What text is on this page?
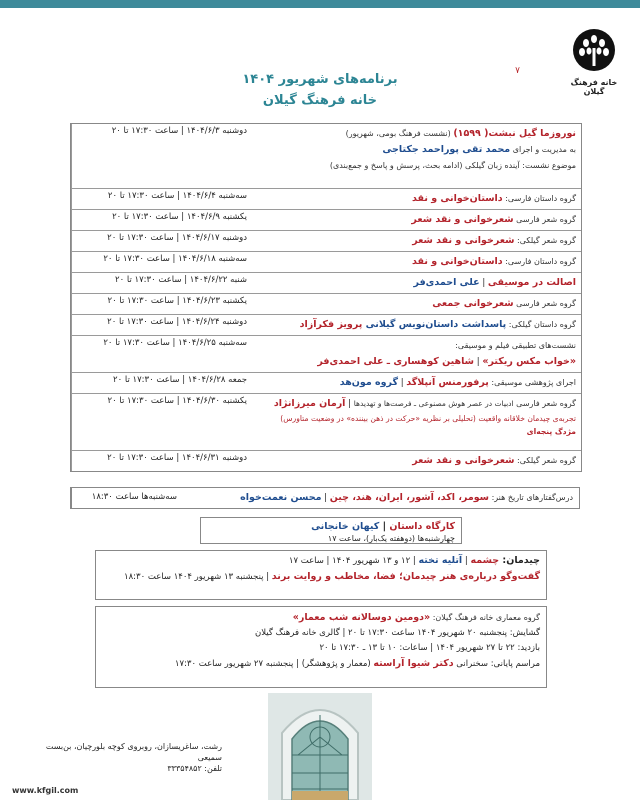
خانه فرهنگ گیلان
۷
برنامه‌های شهریور ۱۴۰۴
خانه فرهنگ گیلان
نوروزما گیل نبشت( ۱۵۹۹) (نشست فرهنگ بومی، شهریور)
به مدیریت و اجرای محمد تقی پوراحمد جکتاجی
موضوع نشست: آینده زبان گیلکی (ادامه بحث، پرسش و پاسخ و جمع‌بندی)
دوشنبه ۱۴۰۴/۶/۳ | ساعت ۱۷:۳۰ تا ۲۰
گروه داستان فارسی: داستان‌خوانی و نقد
سه‌شنبه ۱۴۰۴/۶/۴ | ساعت ۱۷:۳۰ تا ۲۰
گروه شعر فارسی شعرخوانی و نقد شعر
یکشنبه ۱۴۰۴/۶/۹ | ساعت ۱۷:۳۰ تا ۲۰
گروه شعر گیلکی: شعرخوانی و نقد شعر
دوشنبه ۱۴۰۴/۶/۱۷ | ساعت ۱۷:۳۰ تا ۲۰
گروه داستان فارسی: داستان‌خوانی و نقد
سه‌شنبه ۱۴۰۴/۶/۱۸ | ساعت ۱۷:۳۰ تا ۲۰
اصالت در موسیقی | علی احمدی‌فر
شنبه ۱۴۰۴/۶/۲۲ | ساعت ۱۷:۳۰ تا ۲۰
گروه شعر فارسی شعرخوانی جمعی
یکشنبه ۱۴۰۴/۶/۲۳ | ساعت ۱۷:۳۰ تا ۲۰
گروه داستان گیلکی: پاسداشت داستان‌نویس گیلانی پرویز فکرآزاد
دوشنبه ۱۴۰۴/۶/۲۴ | ساعت ۱۷:۳۰ تا ۲۰
نشست‌های تطبیقی فیلم و موسیقی:
«خواب مکس ریکتر» | شاهین کوهساری ـ علی احمدی‌فر
سه‌شنبه ۱۴۰۴/۶/۲۵ | ساعت ۱۷:۳۰ تا ۲۰
اجرای پژوهشی موسیقی: پرفورمنس آنپلاگد | گروه مون‌هد
جمعه ۱۴۰۴/۶/۲۸ | ساعت ۱۷:۳۰ تا ۲۰
گروه شعر فارسی ادبیات در عصر هوش مصنوعی ـ فرصت‌ها و تهدیدها | آرمان میرزانژاد
تجربه‌ی چیدمان خلاقانه واقعیت (تحلیلی بر نظریه «حرکت در ذهن بیننده» در وضعیت متاورس)
مژدگ پنجه‌ای
یکشنبه ۱۴۰۴/۶/۳۰ | ساعت ۱۷:۳۰ تا ۲۰
گروه شعر گیلکی: شعرخوانی و نقد شعر
دوشنبه ۱۴۰۴/۶/۳۱ | ساعت ۱۷:۳۰ تا ۲۰
درس‌گفتارهای تاریخ هنر: سومر، اکد، آشور، ایران، هند، چین | محسن نعمت‌خواه
سه‌شنبه‌ها ساعت ۱۸:۳۰
کارگاه داستان | کیهان خانجانی
چهارشنبه‌ها (دوهفته یک‌بار)، ساعت ۱۷
چیدمان: چشمه | آتلیه تخته | ۱۲ و ۱۳ شهریور ۱۴۰۴ | ساعت ۱۷
گفت‌وگو درباره‌ی هنر چیدمان؛ فضا، مخاطب و روایت برند | پنجشنبه ۱۳ شهریور ۱۴۰۴ ساعت ۱۸:۳۰
گروه معماری خانه فرهنگ گیلان: «دومین دوسالانه شب معمار»
گشایش: پنجشنبه ۲۰ شهریور ۱۴۰۴ ساعت ۱۷:۳۰ تا ۲۰ | گالری خانه فرهنگ گیلان
بازدید: ۲۲ تا ۲۷ شهریور ۱۴۰۴ | ساعات: ۱۰ تا ۱۳ ـ ۱۷:۳۰ تا ۲۰
مراسم پایانی: سخنرانی دکتر شیوا آراسته (معمار و پژوهشگر) | پنجشنبه ۲۷ شهریور ساعت ۱۷:۳۰
رشت، ساغریسازان، روبروی کوچه بلورچیان، بن‌بست سمیعی
تلفن: ۳۳۳۵۴۸۵۲
www.kfgil.com
